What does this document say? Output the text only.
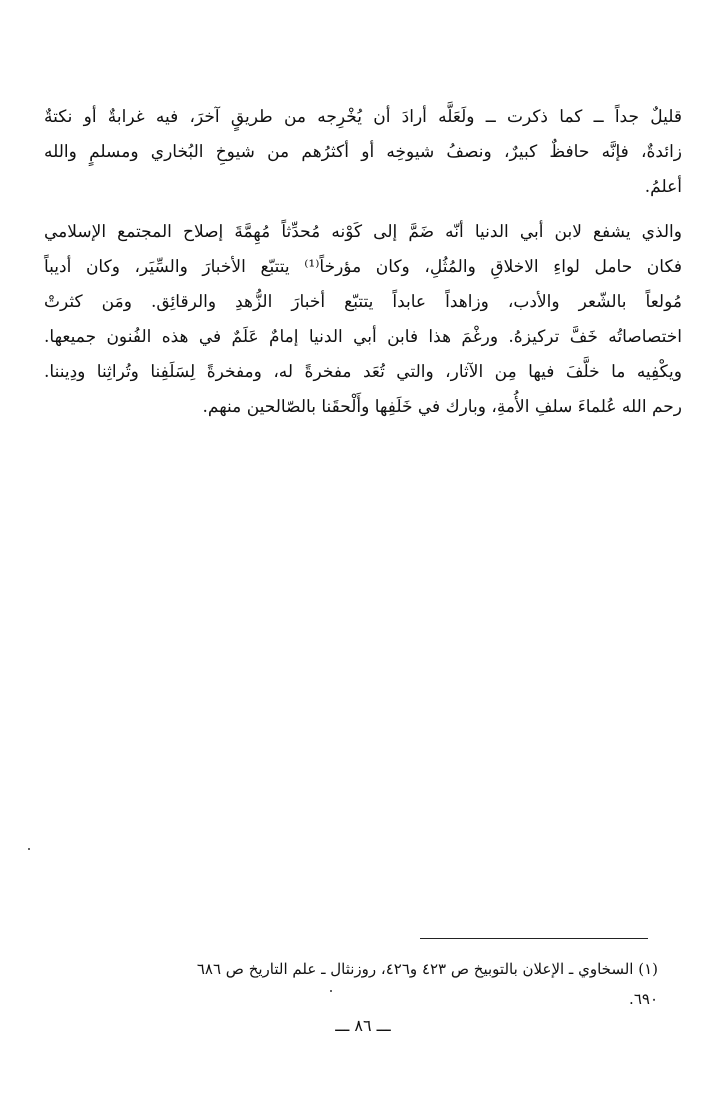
قليلٌ جداً ــ كما ذكرت ــ ولَعَلَّه أرادَ أن يُخْرِجه من طريقٍ آخرَ، فيه غرابةٌ أو نكتةٌ
زائدةٌ، فإنَّه حافظٌ كبيرٌ، ونصفُ شيوخِه أو أكثرُهم من شيوخِ البُخاري ومسلمٍ والله
أعلمُ.

والذي يشفع لابن أبي الدنيا أنّه ضَمَّ إلى كَوْنه مُحدِّثاً مُهِمَّةَ إصلاح المجتمع الإسلامي
فكان حامل لواءِ الاخلاقِ والمُثُلِ، وكان مؤرخاً⁽¹⁾ يتتبّع الأخبارَ والسِّيَر، وكان أديباً
مُولعاً بالشّعر والأدب، وزاهداً عابداً يتتبّع أخبارَ الزُّهدِ والرقائِق. ومَن كثرتْ
اختصاصاتُه خَفَّ تركيزهُ. ورغْمَ هذا فابن أبي الدنيا إمامٌ عَلَمٌ في هذه الفُنون جميعها.
ويكْفِيه ما خلَّفَ فيها مِن الآثار، والتي تُعَد مفخرةً له، ومفخرةً لِسَلَفِنا وتُراثِنا ودِيننا.
رحم الله عُلماءَ سلفِ الأُمةِ، وبارك في خَلَفِها وأَلْحقَنا بالصّالحين منهم.

(١) السخاوي ـ الإعلان بالتوبيخ ص ٤٢٣ و٤٢٦، روزنثال ـ علم التاريخ ص ٦٨٦
٦٩٠.
ـــ ٨٦ ـــ
